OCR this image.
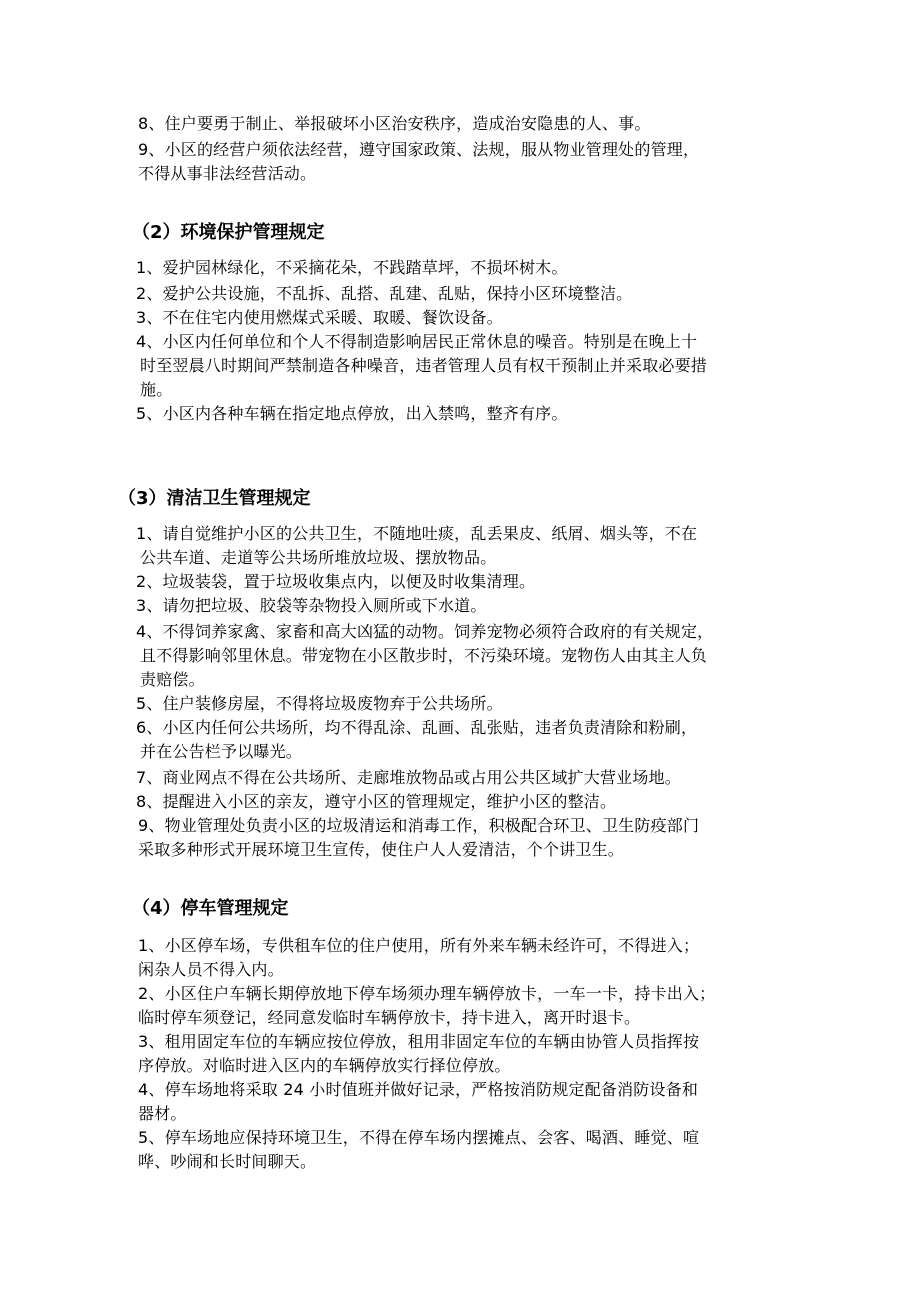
8、住户要勇于制止、举报破坏小区治安秩序，造成治安隐患的人、事。
9、小区的经营户须依法经营，遵守国家政策、法规，服从物业管理处的管理，
不得从事非法经营活动。
（2）环境保护管理规定
1、爱护园林绿化，不采摘花朵，不践踏草坪，不损坏树木。
2、爱护公共设施，不乱拆、乱搭、乱建、乱贴，保持小区环境整洁。
3、不在住宅内使用燃煤式采暖、取暖、餐饮设备。
4、小区内任何单位和个人不得制造影响居民正常休息的噪音。特别是在晚上十
时至翌晨八时期间严禁制造各种噪音，违者管理人员有权干预制止并采取必要措
施。
5、小区内各种车辆在指定地点停放，出入禁鸣，整齐有序。
（3）清洁卫生管理规定
1、请自觉维护小区的公共卫生，不随地吐痰，乱丢果皮、纸屑、烟头等，不在
公共车道、走道等公共场所堆放垃圾、摆放物品。
2、垃圾装袋，置于垃圾收集点内，以便及时收集清理。
3、请勿把垃圾、胶袋等杂物投入厕所或下水道。
4、不得饲养家禽、家畜和高大凶猛的动物。饲养宠物必须符合政府的有关规定，
且不得影响邻里休息。带宠物在小区散步时，不污染环境。宠物伤人由其主人负
责赔偿。
5、住户装修房屋，不得将垃圾废物弃于公共场所。
6、小区内任何公共场所，均不得乱涂、乱画、乱张贴，违者负责清除和粉刷，
并在公告栏予以曝光。
7、商业网点不得在公共场所、走廊堆放物品或占用公共区域扩大营业场地。
8、提醒进入小区的亲友，遵守小区的管理规定，维护小区的整洁。
9、物业管理处负责小区的垃圾清运和消毒工作，积极配合环卫、卫生防疫部门
采取多种形式开展环境卫生宣传，使住户人人爱清洁，个个讲卫生。
（4）停车管理规定
1、小区停车场，专供租车位的住户使用，所有外来车辆未经许可，不得进入；
闲杂人员不得入内。
2、小区住户车辆长期停放地下停车场须办理车辆停放卡，一车一卡，持卡出入；
临时停车须登记，经同意发临时车辆停放卡，持卡进入，离开时退卡。
3、租用固定车位的车辆应按位停放，租用非固定车位的车辆由协管人员指挥按
序停放。对临时进入区内的车辆停放实行择位停放。
4、停车场地将采取 24 小时值班并做好记录，严格按消防规定配备消防设备和
器材。
5、停车场地应保持环境卫生，不得在停车场内摆摊点、会客、喝酒、睡觉、喧
哗、吵闹和长时间聊天。
